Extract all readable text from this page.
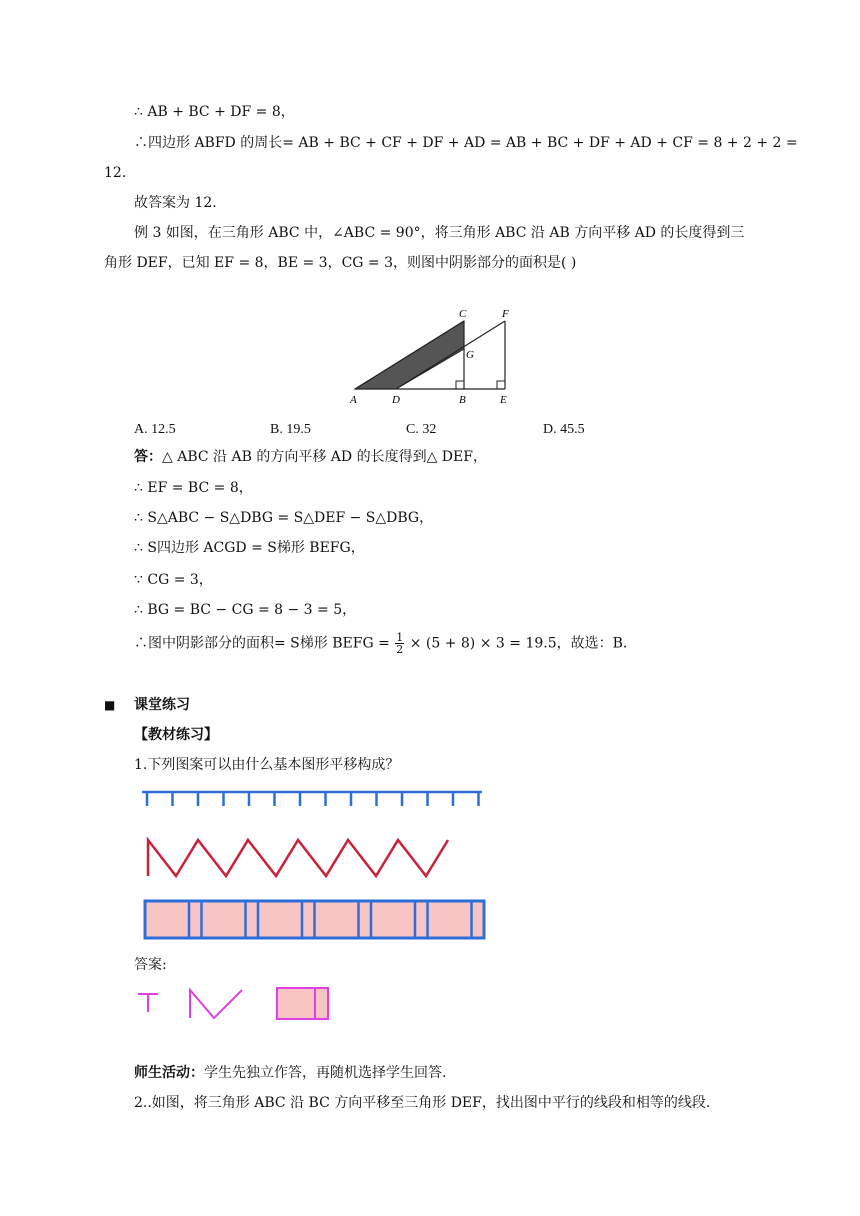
∴ AB + BC + DF = 8，
∴四边形 ABFD 的周长= AB + BC + CF + DF + AD = AB + BC + DF + AD + CF = 8 + 2 + 2 =
12．
故答案为 12．
例 3 如图，在三角形 ABC 中，∠ABC = 90°，将三角形 ABC 沿 AB 方向平移 AD 的长度得到三
角形 DEF，已知 EF = 8，BE = 3，CG = 3，则图中阴影部分的面积是( )
C	F
G
A	D	B	E
A. 12.5	B. 19.5	C. 32	D. 45.5
答：△ ABC 沿 AB 的方向平移 AD 的长度得到△ DEF，
∴ EF = BC = 8，
∴ S△ABC − S△DBG = S△DEF − S△DBG，
∴ S四边形 ACGD = S梯形 BEFG，
∵ CG = 3，
∴ BG = BC − CG = 8 − 3 = 5，
∴图中阴影部分的面积= S梯形 BEFG = $\frac{1}{2} \times (5 + 8) \times 3 = 19.5$，故选：B．
■ 课堂练习
【教材练习】
1.下列图案可以由什么基本图形平移构成？
答案:
师生活动：学生先独立作答，再随机选择学生回答.
2..如图，将三角形 ABC 沿 BC 方向平移至三角形 DEF，找出图中平行的线段和相等的线段.
